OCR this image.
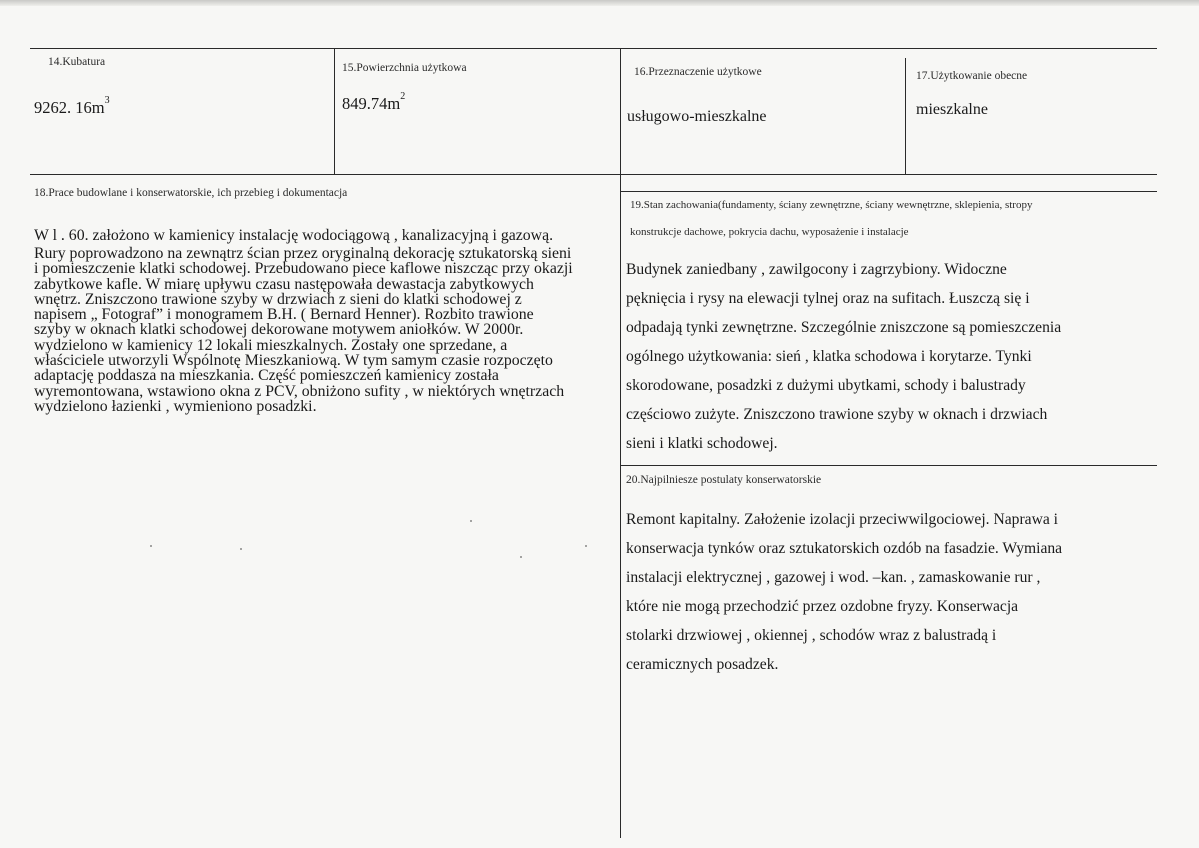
14.Kubatura
9262. $16m^3$
15.Powierzchnia użytkowa
$849.74m^2$
16.Przeznaczenie użytkowe
usługowo-mieszkalne
17.Użytkowanie obecne
mieszkalne
18.Prace budowlane i konserwatorskie, ich przebieg i dokumentacja
W l . 60. założono w kamienicy instalację wodociągową , kanalizacyjną i gazową.
Rury poprowadzono na zewnątrz ścian przez oryginalną dekorację sztukatorską sieni
i pomieszczenie klatki schodowej. Przebudowano piece kaflowe niszcząc przy okazji
zabytkowe kafle. W miarę upływu czasu następowała dewastacja zabytkowych
wnętrz. Zniszczono trawione szyby w drzwiach z sieni do klatki schodowej z
napisem „ Fotograf” i monogramem B.H. ( Bernard Henner). Rozbito trawione
szyby w oknach klatki schodowej dekorowane motywem aniołków. W 2000r.
wydzielono w kamienicy 12 lokali mieszkalnych. Zostały one sprzedane, a
właściciele utworzyli Wspólnotę Mieszkaniową. W tym samym czasie rozpoczęto
adaptację poddasza na mieszkania. Część pomieszczeń kamienicy została
wyremontowana, wstawiono okna z PCV, obniżono sufity , w niektórych wnętrzach
wydzielono łazienki , wymieniono posadzki.
19.Stan zachowania(fundamenty, ściany zewnętrzne, ściany wewnętrzne, sklepienia, stropy
konstrukcje dachowe, pokrycia dachu, wyposażenie i instalacje
Budynek zaniedbany , zawilgocony i zagrzybiony. Widoczne
pęknięcia i rysy na elewacji tylnej oraz na sufitach. Łuszczą się i
odpadają tynki zewnętrzne. Szczególnie zniszczone są pomieszczenia
ogólnego użytkowania: sień , klatka schodowa i korytarze. Tynki
skorodowane, posadzki z dużymi ubytkami, schody i balustrady
częściowo zużyte. Zniszczono trawione szyby w oknach i drzwiach
sieni i klatki schodowej.
20.Najpilniesze postulaty konserwatorskie
Remont kapitalny. Założenie izolacji przeciwwilgociowej. Naprawa i
konserwacja tynków oraz sztukatorskich ozdób na fasadzie. Wymiana
instalacji elektrycznej , gazowej i wod. –kan. , zamaskowanie rur ,
które nie mogą przechodzić przez ozdobne fryzy. Konserwacja
stolarki drzwiowej , okiennej , schodów wraz z balustradą i
ceramicznych posadzek.
